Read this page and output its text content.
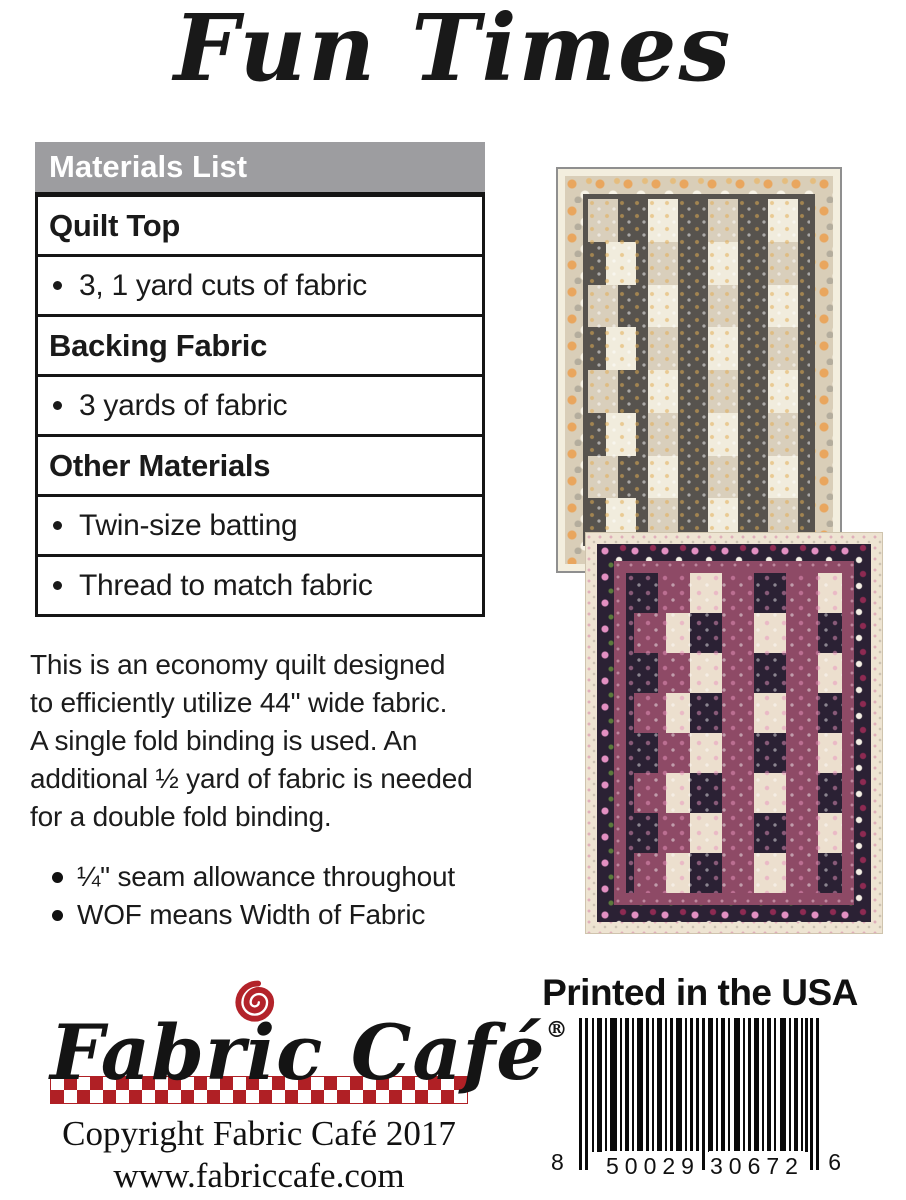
Fun Times
Materials List
Quilt Top
3, 1 yard cuts of fabric
Backing Fabric
3 yards of fabric
Other Materials
Twin-size batting
Thread to match fabric
This is an economy quilt designed
to efficiently utilize 44" wide fabric.
A single fold binding is used. An
additional ½ yard of fabric is needed
for a double fold binding.
¼" seam allowance throughout
WOF means Width of Fabric
Fabric Café®
Copyright Fabric Café 2017
www.fabriccafe.com
Printed in the USA
8 50029 30672 6
